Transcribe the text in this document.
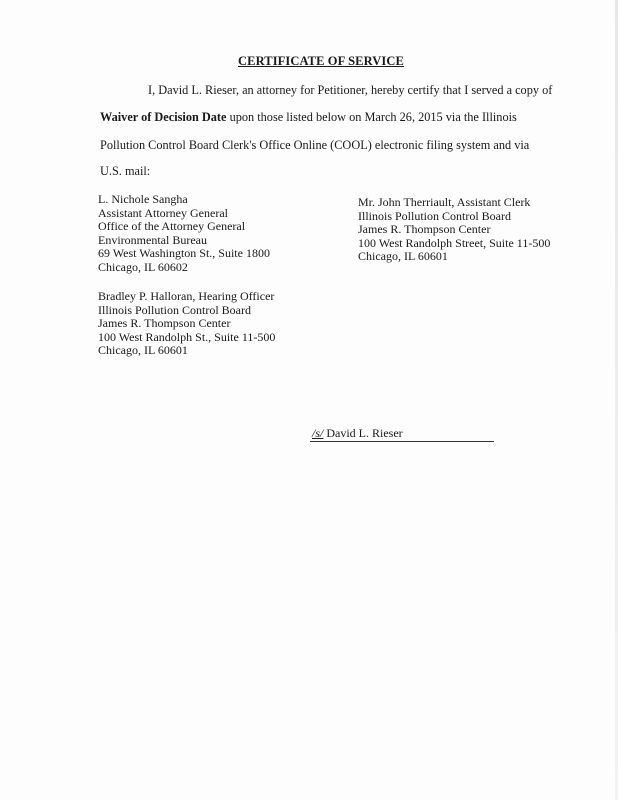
CERTIFICATE OF SERVICE
I, David L. Rieser, an attorney for Petitioner, hereby certify that I served a copy of
Waiver of Decision Date upon those listed below on March 26, 2015 via the Illinois
Pollution Control Board Clerk's Office Online (COOL) electronic filing system and via
U.S. mail:
L. Nichole Sangha
Assistant Attorney General
Office of the Attorney General
Environmental Bureau
69 West Washington St., Suite 1800
Chicago, IL 60602
Bradley P. Halloran, Hearing Officer
Illinois Pollution Control Board
James R. Thompson Center
100 West Randolph St., Suite 11-500
Chicago, IL 60601
Mr. John Therriault, Assistant Clerk
Illinois Pollution Control Board
James R. Thompson Center
100 West Randolph Street, Suite 11-500
Chicago, IL 60601
/s/ David L. Rieser
